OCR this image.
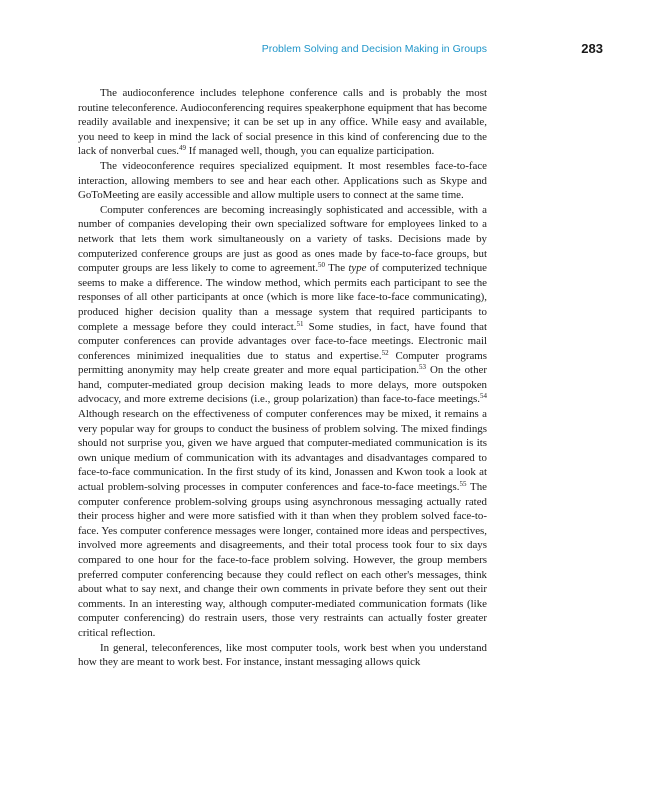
Problem Solving and Decision Making in Groups	283

The audioconference includes telephone conference calls and is probably the most routine teleconference. Audioconferencing requires speakerphone equipment that has become readily available and inexpensive; it can be set up in any office. While easy and available, you need to keep in mind the lack of social presence in this kind of conferencing due to the lack of nonverbal cues.$^{49}$ If managed well, though, you can equalize participation.

The videoconference requires specialized equipment. It most resembles face-to-face interaction, allowing members to see and hear each other. Applications such as Skype and GoToMeeting are easily accessible and allow multiple users to connect at the same time.

Computer conferences are becoming increasingly sophisticated and accessible, with a number of companies developing their own specialized software for employees linked to a network that lets them work simultaneously on a variety of tasks. Decisions made by computerized conference groups are just as good as ones made by face-to-face groups, but computer groups are less likely to come to agreement.$^{50}$ The type of computerized technique seems to make a difference. The window method, which permits each participant to see the responses of all other participants at once (which is more like face-to-face communicating), produced higher decision quality than a message system that required participants to complete a message before they could interact.$^{51}$ Some studies, in fact, have found that computer conferences can provide advantages over face-to-face meetings. Electronic mail conferences minimized inequalities due to status and expertise.$^{52}$ Computer programs permitting anonymity may help create greater and more equal participation.$^{53}$ On the other hand, computer-mediated group decision making leads to more delays, more outspoken advocacy, and more extreme decisions (i.e., group polarization) than face-to-face meetings.$^{54}$ Although research on the effectiveness of computer conferences may be mixed, it remains a very popular way for groups to conduct the business of problem solving. The mixed findings should not surprise you, given we have argued that computer-mediated communication is its own unique medium of communication with its advantages and disadvantages compared to face-to-face communication. In the first study of its kind, Jonassen and Kwon took a look at actual problem-solving processes in computer conferences and face-to-face meetings.$^{55}$ The computer conference problem-solving groups using asynchronous messaging actually rated their process higher and were more satisfied with it than when they problem solved face-to-face. Yes computer conference messages were longer, contained more ideas and perspectives, involved more agreements and disagreements, and their total process took four to six days compared to one hour for the face-to-face problem solving. However, the group members preferred computer conferencing because they could reflect on each other's messages, think about what to say next, and change their own comments in private before they sent out their comments. In an interesting way, although computer-mediated communication formats (like computer conferencing) do restrain users, those very restraints can actually foster greater critical reflection.

In general, teleconferences, like most computer tools, work best when you understand how they are meant to work best. For instance, instant messaging allows quick
